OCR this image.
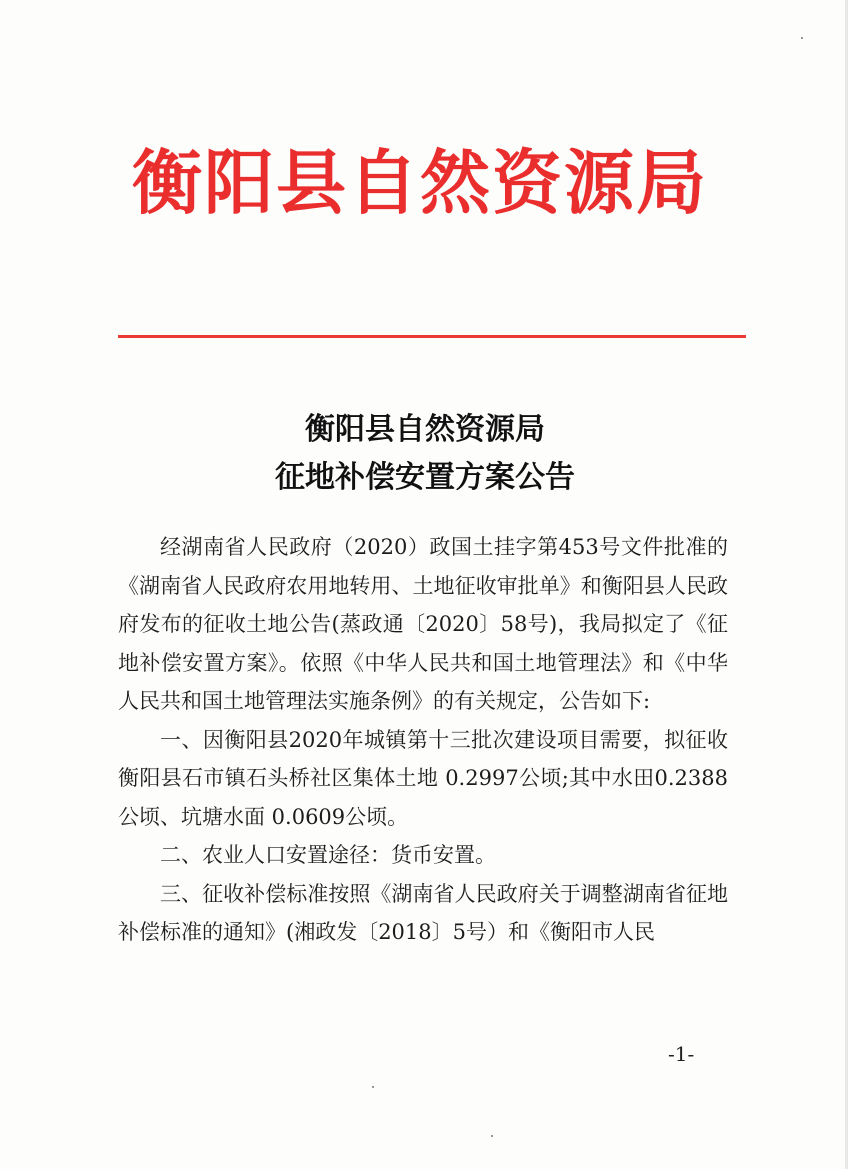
衡阳县自然资源局
衡阳县自然资源局
征地补偿安置方案公告

经湖南省人民政府（2020）政国土挂字第453号文件批准的《湖南省人民政府农用地转用、土地征收审批单》和衡阳县人民政府发布的征收土地公告(蒸政通〔2020〕58号)，我局拟定了《征地补偿安置方案》。依照《中华人民共和国土地管理法》和《中华人民共和国土地管理法实施条例》的有关规定，公告如下:

一、因衡阳县2020年城镇第十三批次建设项目需要，拟征收衡阳县石市镇石头桥社区集体土地 0.2997公顷;其中水田0.2388公顷、坑塘水面 0.0609公顷。

二、农业人口安置途径：货币安置。

三、征收补偿标准按照《湖南省人民政府关于调整湖南省征地补偿标准的通知》(湘政发〔2018〕5号）和《衡阳市人民

-1-
